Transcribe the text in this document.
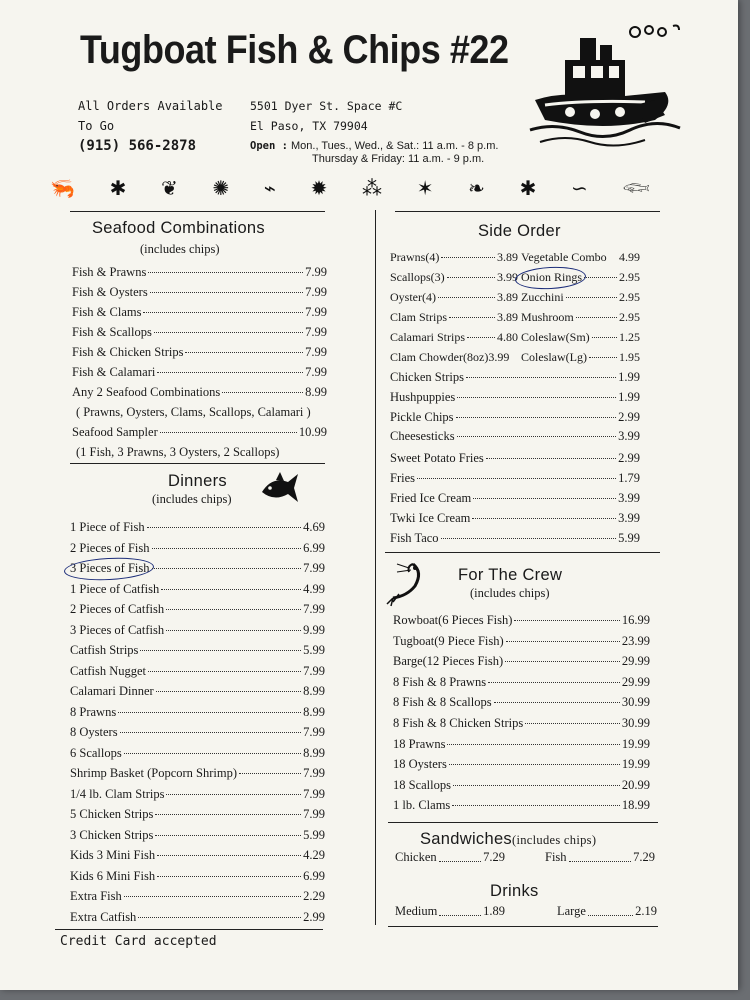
Tugboat Fish & Chips #22
All Orders Available
To Go
(915) 566-2878
5501 Dyer St. Space #C
El Paso, TX 79904
Open : Mon., Tues., Wed., & Sat.: 11 a.m. - 8 p.m.
Thursday & Friday: 11 a.m. - 9 p.m.
🦐 ✱ ❦ ✺ ⌁ ✹ ⁂ ✶ ❧ ✱ ∽ 𓆟
Seafood Combinations
(includes chips)
Fish & Prawns	7.99
Fish & Oysters	7.99
Fish & Clams	7.99
Fish & Scallops	7.99
Fish & Chicken Strips	7.99
Fish & Calamari	7.99
Any 2 Seafood Combinations	8.99
( Prawns, Oysters, Clams, Scallops, Calamari )
Seafood Sampler	10.99
(1 Fish, 3 Prawns, 3 Oysters, 2 Scallops)
Dinners
(includes chips)
1 Piece of Fish	4.69
2 Pieces of Fish	6.99
3 Pieces of Fish	7.99
1 Piece of Catfish	4.99
2 Pieces of Catfish	7.99
3 Pieces of Catfish	9.99
Catfish Strips	5.99
Catfish Nugget	7.99
Calamari Dinner	8.99
8 Prawns	8.99
8 Oysters	7.99
6 Scallops	8.99
Shrimp Basket (Popcorn Shrimp)	7.99
1/4 lb. Clam Strips	7.99
5 Chicken Strips	7.99
3 Chicken Strips	5.99
Kids 3 Mini Fish	4.29
Kids 6 Mini Fish	6.99
Extra Fish	2.29
Extra Catfish	2.99
Credit Card accepted
Side Order
Prawns(4)	3.89 Vegetable Combo 4.99
Scallops(3)	3.99 Onion Rings	2.95
Oyster(4)	3.89 Zucchini	2.95
Clam Strips	3.89 Mushroom	2.95
Calamari Strips	4.80 Coleslaw(Sm) 1.25
Clam Chowder(8oz) 3.99 Coleslaw(Lg)	1.95
Chicken Strips	1.99
Hushpuppies	1.99
Pickle Chips	2.99
Cheesesticks	3.99
Sweet Potato Fries	2.99
Fries	1.79
Fried Ice Cream	3.99
Twki Ice Cream	3.99
Fish Taco	5.99
For The Crew
(includes chips)
Rowboat(6 Pieces Fish)	16.99
Tugboat(9 Piece Fish)	23.99
Barge(12 Pieces Fish)	29.99
8 Fish & 8 Prawns	29.99
8 Fish & 8 Scallops	30.99
8 Fish & 8 Chicken Strips	30.99
18 Prawns	19.99
18 Oysters	19.99
18 Scallops	20.99
1 lb. Clams	18.99
Sandwiches(includes chips)
Chicken	7.29	Fish	7.29
Drinks
Medium	1.89	Large	2.19
